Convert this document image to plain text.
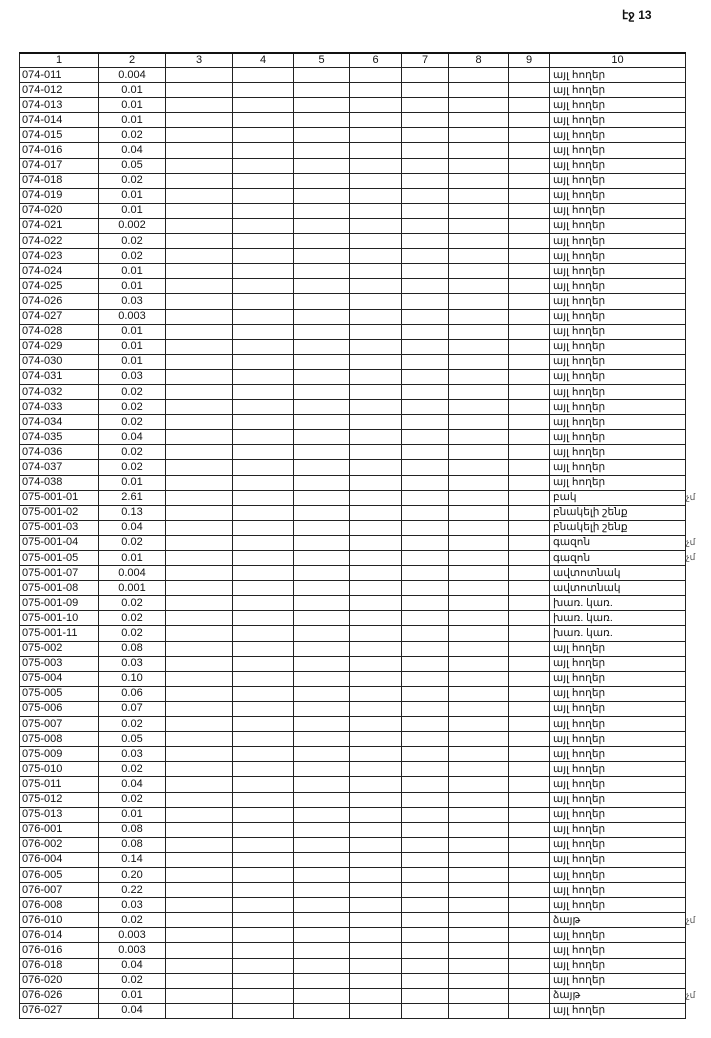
էջ 13
1	2	3	4	5	6	7	8	9	10
074-011	0.004								այլ հողեր
074-012	0.01								այլ հողեր
074-013	0.01								այլ հողեր
074-014	0.01								այլ հողեր
074-015	0.02								այլ հողեր
074-016	0.04								այլ հողեր
074-017	0.05								այլ հողեր
074-018	0.02								այլ հողեր
074-019	0.01								այլ հողեր
074-020	0.01								այլ հողեր
074-021	0.002								այլ հողեր
074-022	0.02								այլ հողեր
074-023	0.02								այլ հողեր
074-024	0.01								այլ հողեր
074-025	0.01								այլ հողեր
074-026	0.03								այլ հողեր
074-027	0.003								այլ հողեր
074-028	0.01								այլ հողեր
074-029	0.01								այլ հողեր
074-030	0.01								այլ հողեր
074-031	0.03								այլ հողեր
074-032	0.02								այլ հողեր
074-033	0.02								այլ հողեր
074-034	0.02								այլ հողեր
074-035	0.04								այլ հողեր
074-036	0.02								այլ հողեր
074-037	0.02								այլ հողեր
074-038	0.01								այլ հողեր
075-001-01	2.61								բակ
075-001-02	0.13								բնակելի շենք
075-001-03	0.04								բնակելի շենք
075-001-04	0.02								գազոն
075-001-05	0.01								գազոն
075-001-07	0.004								ավտոտնակ
075-001-08	0.001								ավտոտնակ
075-001-09	0.02								խառ. կառ.
075-001-10	0.02								խառ. կառ.
075-001-11	0.02								խառ. կառ.
075-002	0.08								այլ հողեր
075-003	0.03								այլ հողեր
075-004	0.10								այլ հողեր
075-005	0.06								այլ հողեր
075-006	0.07								այլ հողեր
075-007	0.02								այլ հողեր
075-008	0.05								այլ հողեր
075-009	0.03								այլ հողեր
075-010	0.02								այլ հողեր
075-011	0.04								այլ հողեր
075-012	0.02								այլ հողեր
075-013	0.01								այլ հողեր
076-001	0.08								այլ հողեր
076-002	0.08								այլ հողեր
076-004	0.14								այլ հողեր
076-005	0.20								այլ հողեր
076-007	0.22								այլ հողեր
076-008	0.03								այլ հողեր
076-010	0.02								ձայթ
076-014	0.003								այլ հողեր
076-016	0.003								այլ հողեր
076-018	0.04								այլ հողեր
076-020	0.02								այլ հողեր
076-026	0.01								ձայթ
076-027	0.04								այլ հողեր
չմ
չմ
չմ
չմ
չմ
